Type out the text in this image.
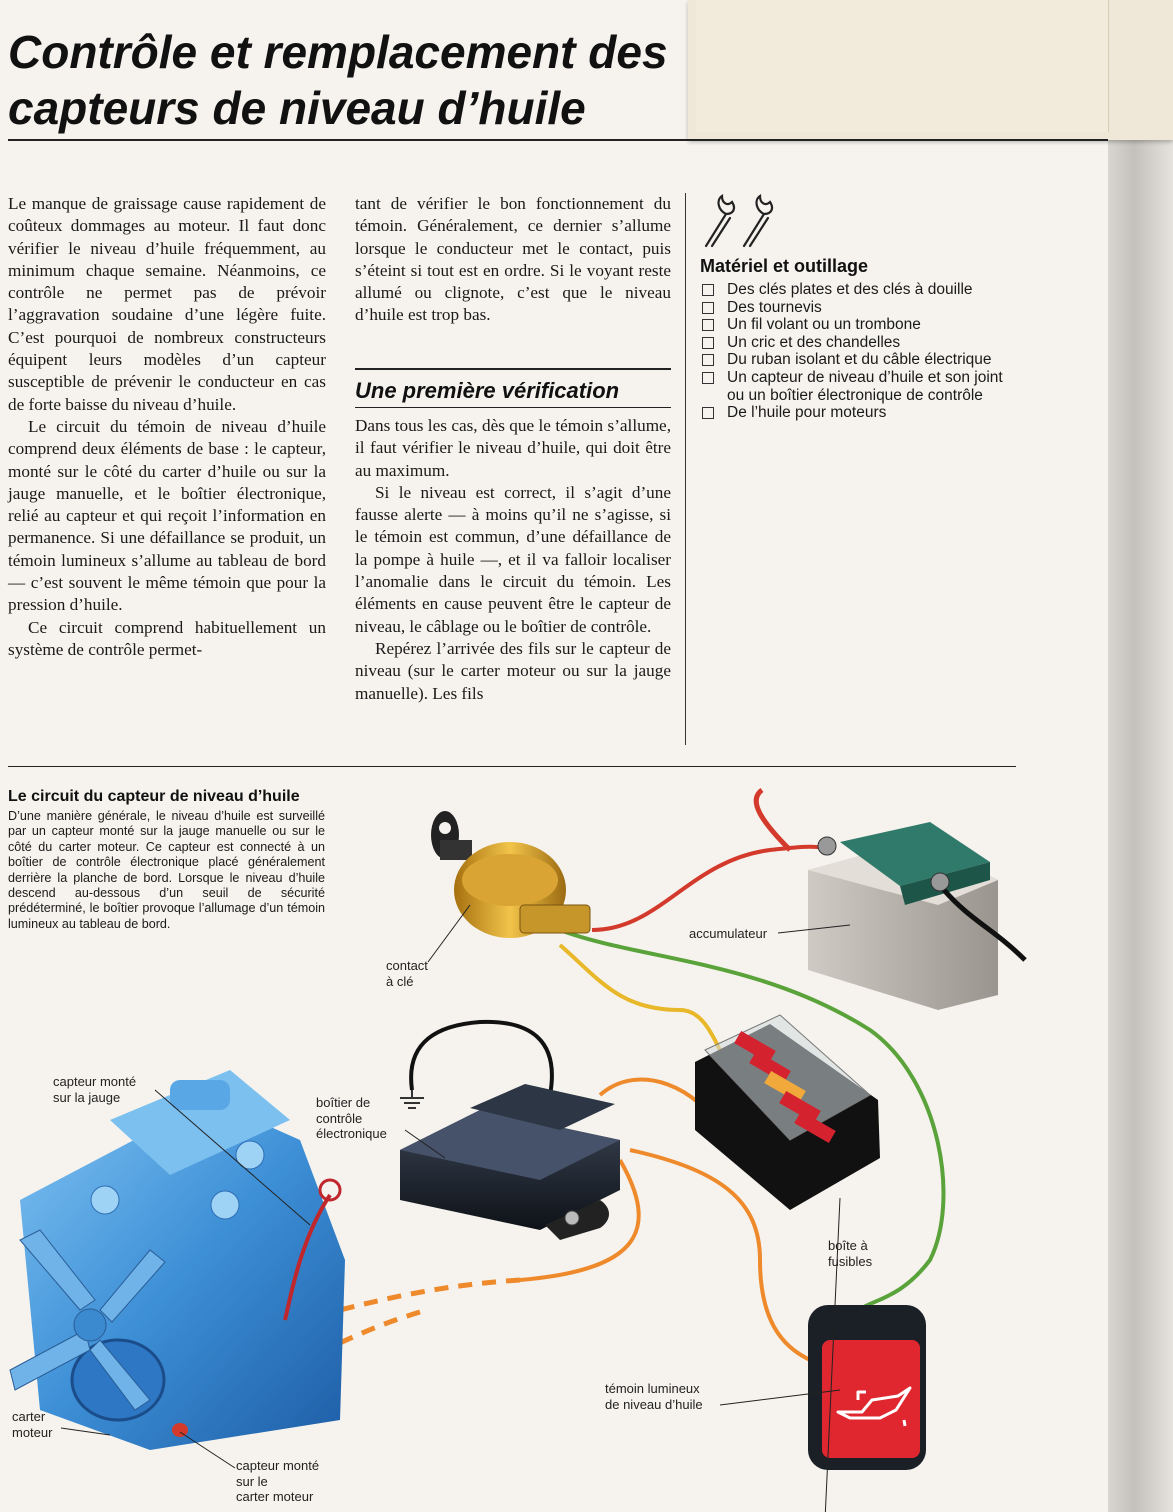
Contrôle et remplacement des
capteurs de niveau d’huile

Le manque de graissage cause rapidement de coûteux dommages au moteur. Il faut donc vérifier le niveau d’huile fréquemment, au minimum chaque semaine. Néanmoins, ce contrôle ne permet pas de prévoir l’aggravation soudaine d’une légère fuite. C’est pourquoi de nombreux constructeurs équipent leurs modèles d’un capteur susceptible de prévenir le conducteur en cas de forte baisse du niveau d’huile.

Le circuit du témoin de niveau d’huile comprend deux éléments de base : le capteur, monté sur le côté du carter d’huile ou sur la jauge manuelle, et le boîtier électronique, relié au capteur et qui reçoit l’information en permanence. Si une défaillance se produit, un témoin lumineux s’allume au tableau de bord — c’est souvent le même témoin que pour la pression d’huile.

Ce circuit comprend habituellement un système de contrôle permet-

tant de vérifier le bon fonctionnement du témoin. Généralement, ce dernier s’allume lorsque le conducteur met le contact, puis s’éteint si tout est en ordre. Si le voyant reste allumé ou clignote, c’est que le niveau d’huile est trop bas.

Une première vérification

Dans tous les cas, dès que le témoin s’allume, il faut vérifier le niveau d’huile, qui doit être au maximum.

Si le niveau est correct, il s’agit d’une fausse alerte — à moins qu’il ne s’agisse, si le témoin est commun, d’une défaillance de la pompe à huile —, et il va falloir localiser l’anomalie dans le circuit du témoin. Les éléments en cause peuvent être le capteur de niveau, le câblage ou le boîtier de contrôle.

Repérez l’arrivée des fils sur le capteur de niveau (sur le carter moteur ou sur la jauge manuelle). Les fils

Matériel et outillage
Des clés plates et des clés à douille
Des tournevis
Un fil volant ou un trombone
Un cric et des chandelles
Du ruban isolant et du câble électrique
Un capteur de niveau d’huile et son joint ou un boîtier électronique de contrôle
De l’huile pour moteurs
Le circuit du capteur de niveau d’huile

D’une manière générale, le niveau d’huile est surveillé par un capteur monté sur la jauge manuelle ou sur le côté du carter moteur. Ce capteur est connecté à un boîtier de contrôle électronique placé généralement derrière la planche de bord. Lorsque le niveau d’huile descend au-dessous d’un seuil de sécurité prédéterminé, le boîtier provoque l’allumage d’un témoin lumineux au tableau de bord.

contact
à clé
accumulateur
capteur monté
sur la jauge	boîtier de
contrôle
électronique
boîte à
fusibles
carter
moteur
témoin lumineux
de niveau d’huile
capteur monté
sur le
carter moteur
